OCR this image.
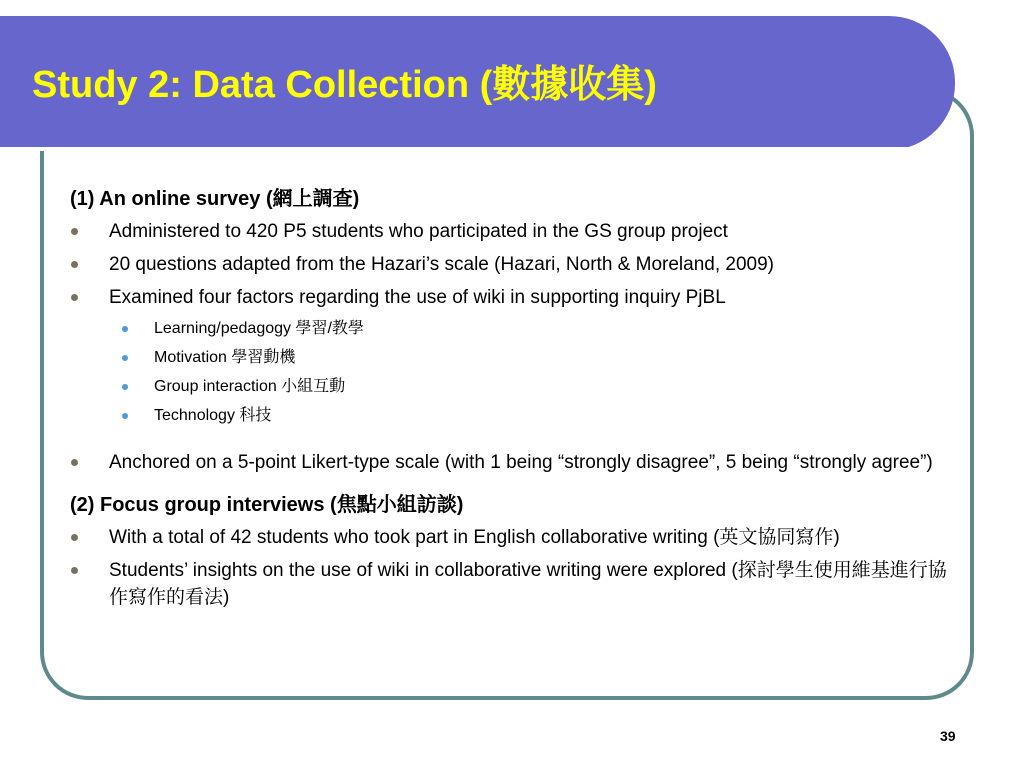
Study 2: Data Collection (數據收集)

(1) An online survey (網上調查)

Administered to 420 P5 students who participated in the GS group project
20 questions adapted from the Hazari’s scale (Hazari, North & Moreland, 2009)
Examined four factors regarding the use of wiki in supporting inquiry PjBL
Learning/pedagogy 學習/教學
Motivation 學習動機
Group interaction 小組互動
Technology 科技
Anchored on a 5-point Likert-type scale (with 1 being “strongly disagree”, 5 being “strongly agree”)

(2) Focus group interviews (焦點小組訪談)

With a total of 42 students who took part in English collaborative writing (英文協同寫作)
Students’ insights on the use of wiki in collaborative writing were explored (探討學生使用維基進行協作寫作的看法)
39
